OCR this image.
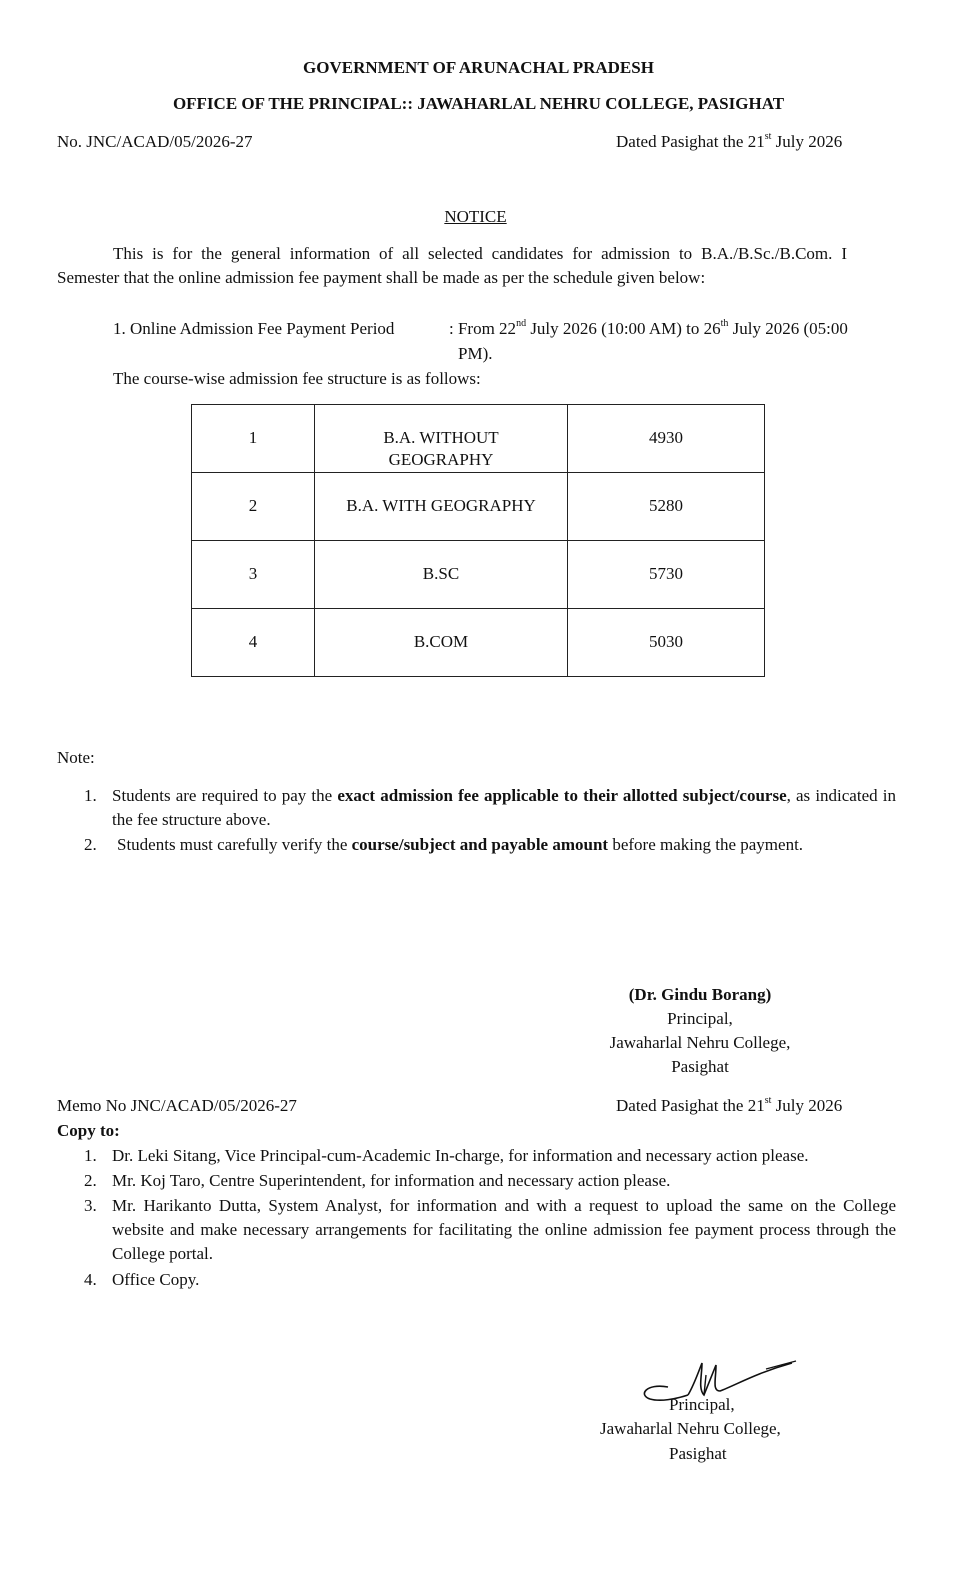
GOVERNMENT OF ARUNACHAL PRADESH
OFFICE OF THE PRINCIPAL:: JAWAHARLAL NEHRU COLLEGE, PASIGHAT
No. JNC/ACAD/05/2026-27	Dated Pasighat the 21st July 2026
NOTICE
This is for the general information of all selected candidates for admission to B.A./B.Sc./B.Com. I Semester that the online admission fee payment shall be made as per the schedule given below:
1. Online Admission Fee Payment Period	: From 22nd July 2026 (10:00 AM) to 26th July 2026 (05:00
PM).
The course-wise admission fee structure is as follows:
1	B.A. WITHOUT GEOGRAPHY	4930
2	B.A. WITH GEOGRAPHY	5280
3	B.SC	5730
4	B.COM	5030
Note:
1. Students are required to pay the exact admission fee applicable to their allotted subject/course, as indicated in the fee structure above.
2. Students must carefully verify the course/subject and payable amount before making the payment.
(Dr. Gindu Borang)
Principal,
Jawaharlal Nehru College,
Pasighat
Memo No JNC/ACAD/05/2026-27	Dated Pasighat the 21st July 2026
Copy to:
1. Dr. Leki Sitang, Vice Principal-cum-Academic In-charge, for information and necessary action please.
2. Mr. Koj Taro, Centre Superintendent, for information and necessary action please.
3. Mr. Harikanto Dutta, System Analyst, for information and with a request to upload the same on the College website and make necessary arrangements for facilitating the online admission fee payment process through the College portal.
4. Office Copy.
Principal,
Jawaharlal Nehru College,
Pasighat
